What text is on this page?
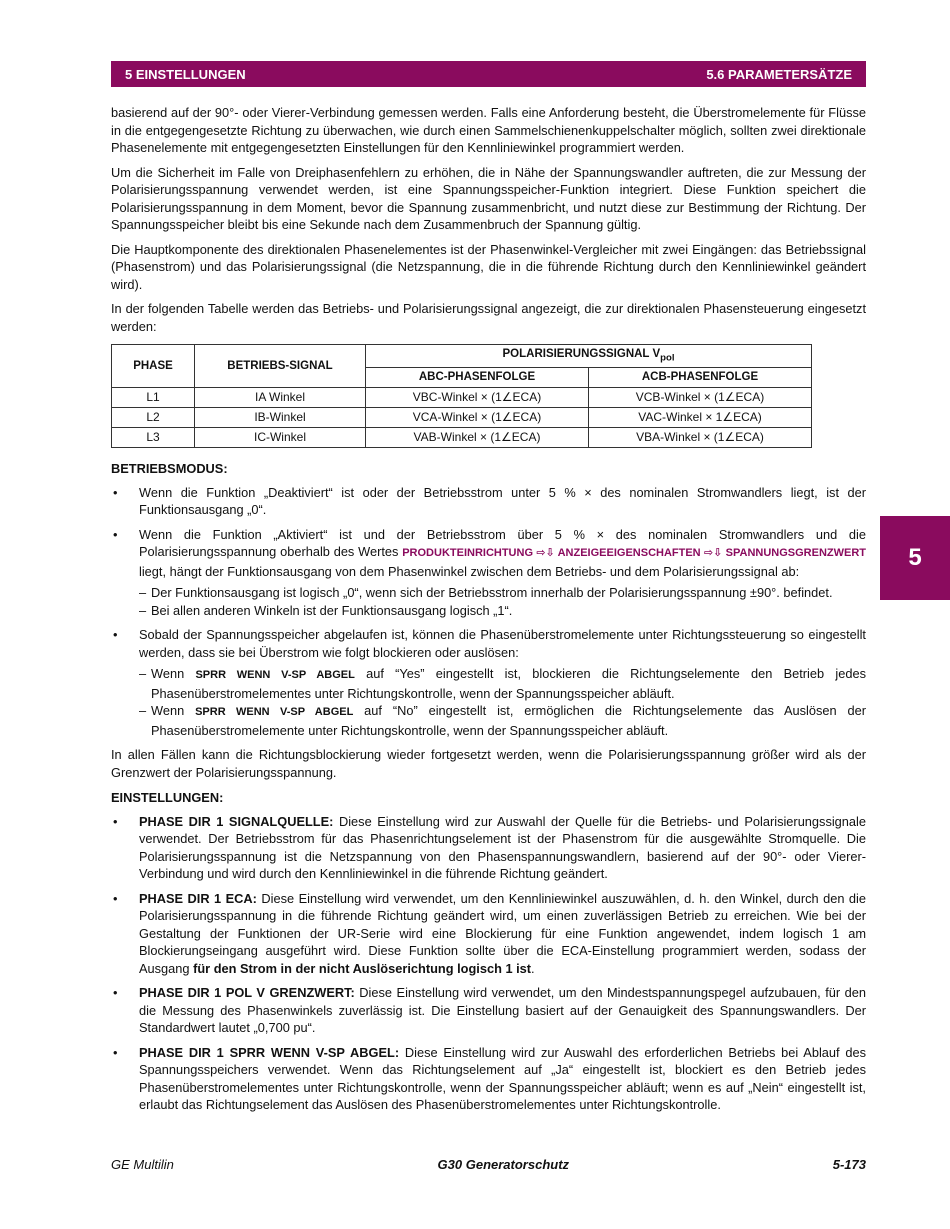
5 EINSTELLUNGEN	5.6 PARAMETERSÄTZE
5

basierend auf der 90°- oder Vierer-Verbindung gemessen werden. Falls eine Anforderung besteht, die Überstromelemente für Flüsse in die entgegengesetzte Richtung zu überwachen, wie durch einen Sammelschienenkuppelschalter möglich, sollten zwei direktionale Phasenelemente mit entgegengesetzten Einstellungen für den Kennliniewinkel programmiert werden.

Um die Sicherheit im Falle von Dreiphasenfehlern zu erhöhen, die in Nähe der Spannungswandler auftreten, die zur Messung der Polarisierungsspannung verwendet werden, ist eine Spannungsspeicher-Funktion integriert. Diese Funktion speichert die Polarisierungsspannung in dem Moment, bevor die Spannung zusammenbricht, und nutzt diese zur Bestimmung der Richtung. Der Spannungsspeicher bleibt bis eine Sekunde nach dem Zusammenbruch der Spannung gültig.

Die Hauptkomponente des direktionalen Phasenelementes ist der Phasenwinkel-Vergleicher mit zwei Eingängen: das Betriebssignal (Phasenstrom) und das Polarisierungssignal (die Netzspannung, die in die führende Richtung durch den Kennliniewinkel geändert wird).

In der folgenden Tabelle werden das Betriebs- und Polarisierungssignal angezeigt, die zur direktionalen Phasensteuerung eingesetzt werden:

PHASE	BETRIEBS-SIGNAL	POLARISIERUNGSSIGNAL $V_{pol}$
		ABC-PHASENFOLGE	ACB-PHASENFOLGE
L1	IA Winkel	VBC-Winkel × (1∠ECA)	VCB-Winkel × (1∠ECA)
L2	IB-Winkel	VCA-Winkel × (1∠ECA)	VAC-Winkel × 1∠ECA)
L3	IC-Winkel	VAB-Winkel × (1∠ECA)	VBA-Winkel × (1∠ECA)
BETRIEBSMODUS:
• Wenn die Funktion „Deaktiviert“ ist oder der Betriebsstrom unter 5 % × des nominalen Stromwandlers liegt, ist der Funktionsausgang „0“.
• Wenn die Funktion „Aktiviert“ ist und der Betriebsstrom über 5 % × des nominalen Stromwandlers und die Polarisierungsspannung oberhalb des Wertes PRODUKTEINRICHTUNG ⇨⇩ ANZEIGEEIGENSCHAFTEN ⇨⇩ SPANNUNGSGRENZWERT liegt, hängt der Funktionsausgang von dem Phasenwinkel zwischen dem Betriebs- und dem Polarisierungssignal ab:
– Der Funktionsausgang ist logisch „0“, wenn sich der Betriebsstrom innerhalb der Polarisierungsspannung ±90°. befindet.
– Bei allen anderen Winkeln ist der Funktionsausgang logisch „1“.
• Sobald der Spannungsspeicher abgelaufen ist, können die Phasenüberstromelemente unter Richtungssteuerung so eingestellt werden, dass sie bei Überstrom wie folgt blockieren oder auslösen:
– Wenn SPRR WENN V-SP ABGEL auf “Yes” eingestellt ist, blockieren die Richtungselemente den Betrieb jedes Phasenüberstromelementes unter Richtungskontrolle, wenn der Spannungsspeicher abläuft.
– Wenn SPRR WENN V-SP ABGEL auf “No” eingestellt ist, ermöglichen die Richtungselemente das Auslösen der Phasenüberstromelemente unter Richtungskontrolle, wenn der Spannungsspeicher abläuft.

In allen Fällen kann die Richtungsblockierung wieder fortgesetzt werden, wenn die Polarisierungsspannung größer wird als der Grenzwert der Polarisierungsspannung.

EINSTELLUNGEN:
• PHASE DIR 1 SIGNALQUELLE: Diese Einstellung wird zur Auswahl der Quelle für die Betriebs- und Polarisierungssignale verwendet. Der Betriebsstrom für das Phasenrichtungselement ist der Phasenstrom für die ausgewählte Stromquelle. Die Polarisierungsspannung ist die Netzspannung von den Phasenspannungswandlern, basierend auf der 90°- oder Vierer-Verbindung und wird durch den Kennliniewinkel in die führende Richtung geändert.
• PHASE DIR 1 ECA: Diese Einstellung wird verwendet, um den Kennliniewinkel auszuwählen, d. h. den Winkel, durch den die Polarisierungsspannung in die führende Richtung geändert wird, um einen zuverlässigen Betrieb zu erreichen. Wie bei der Gestaltung der Funktionen der UR-Serie wird eine Blockierung für eine Funktion angewendet, indem logisch 1 am Blockierungseingang ausgeführt wird. Diese Funktion sollte über die ECA-Einstellung programmiert werden, sodass der Ausgang für den Strom in der nicht Auslöserichtung logisch 1 ist.
• PHASE DIR 1 POL V GRENZWERT: Diese Einstellung wird verwendet, um den Mindestspannungspegel aufzubauen, für den die Messung des Phasenwinkels zuverlässig ist. Die Einstellung basiert auf der Genauigkeit des Spannungswandlers. Der Standardwert lautet „0,700 pu“.
• PHASE DIR 1 SPRR WENN V-SP ABGEL: Diese Einstellung wird zur Auswahl des erforderlichen Betriebs bei Ablauf des Spannungsspeichers verwendet. Wenn das Richtungselement auf „Ja“ eingestellt ist, blockiert es den Betrieb jedes Phasenüberstromelementes unter Richtungskontrolle, wenn der Spannungsspeicher abläuft; wenn es auf „Nein“ eingestellt ist, erlaubt das Richtungselement das Auslösen des Phasenüberstromelementes unter Richtungskontrolle.
GE Multilin	G30 Generatorschutz	5-173
